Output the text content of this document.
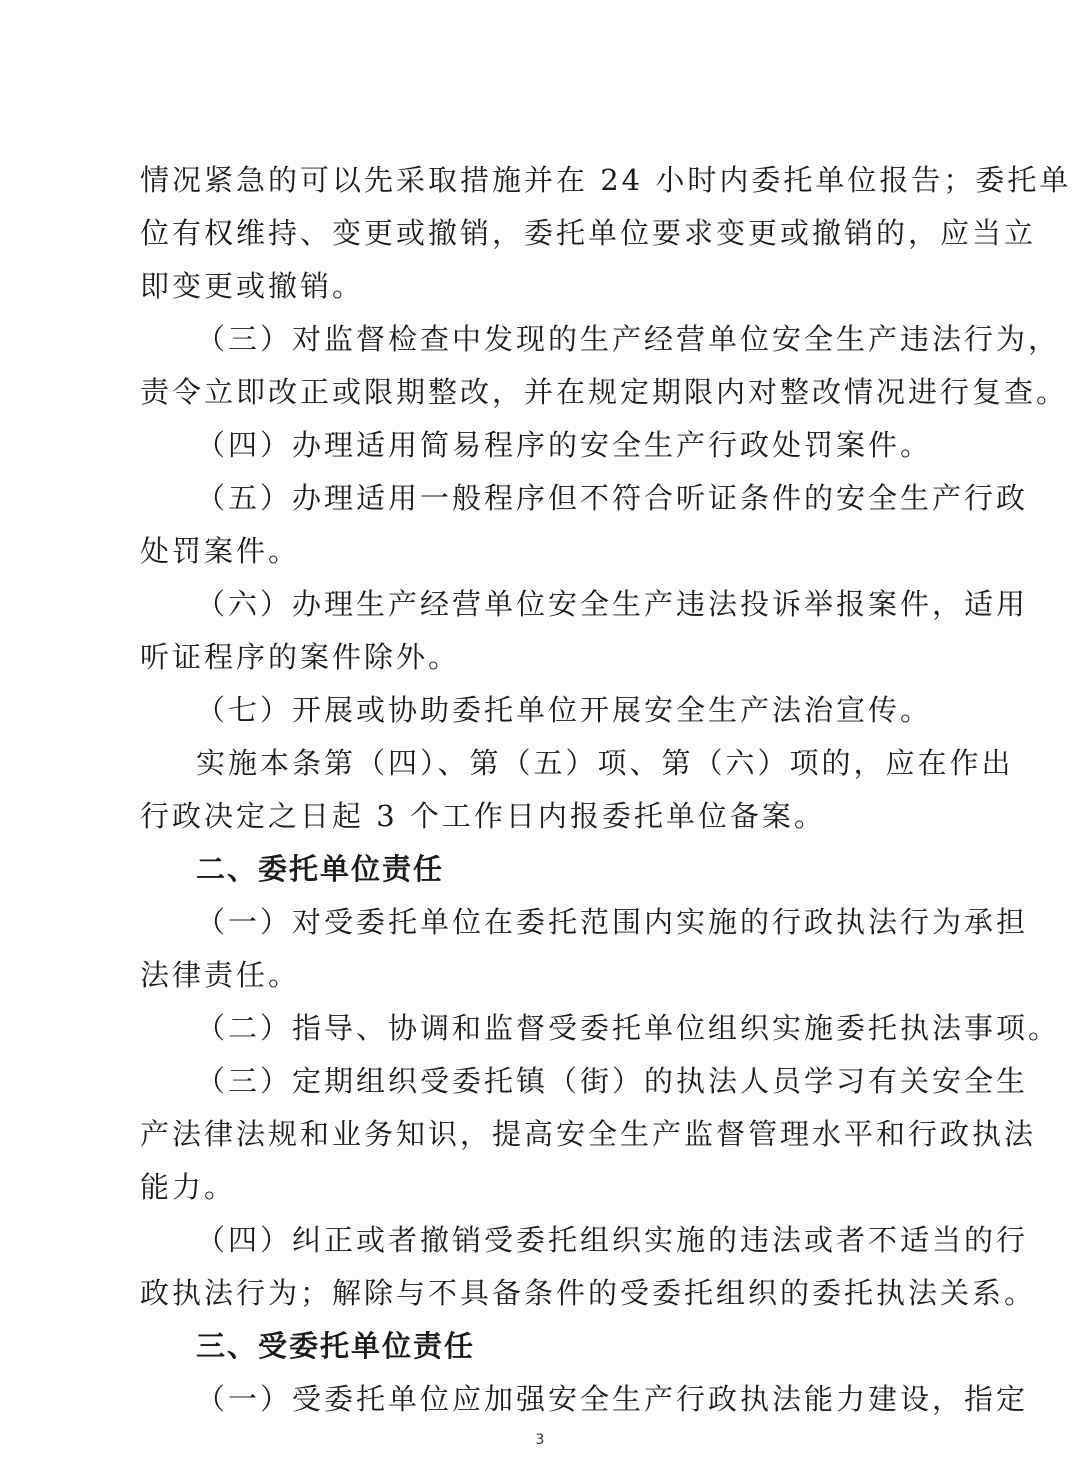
情况紧急的可以先采取措施并在 24 小时内委托单位报告；委托单
位有权维持、变更或撤销，委托单位要求变更或撤销的，应当立
即变更或撤销。
（三）对监督检查中发现的生产经营单位安全生产违法行为，
责令立即改正或限期整改，并在规定期限内对整改情况进行复查。
（四）办理适用简易程序的安全生产行政处罚案件。
（五）办理适用一般程序但不符合听证条件的安全生产行政
处罚案件。
（六）办理生产经营单位安全生产违法投诉举报案件，适用
听证程序的案件除外。
（七）开展或协助委托单位开展安全生产法治宣传。
实施本条第（四）、第（五）项、第（六）项的，应在作出
行政决定之日起 3 个工作日内报委托单位备案。
二、委托单位责任
（一）对受委托单位在委托范围内实施的行政执法行为承担
法律责任。
（二）指导、协调和监督受委托单位组织实施委托执法事项。
（三）定期组织受委托镇（街）的执法人员学习有关安全生
产法律法规和业务知识，提高安全生产监督管理水平和行政执法
能力。
（四）纠正或者撤销受委托组织实施的违法或者不适当的行
政执法行为；解除与不具备条件的受委托组织的委托执法关系。
三、受委托单位责任
（一）受委托单位应加强安全生产行政执法能力建设，指定
3
